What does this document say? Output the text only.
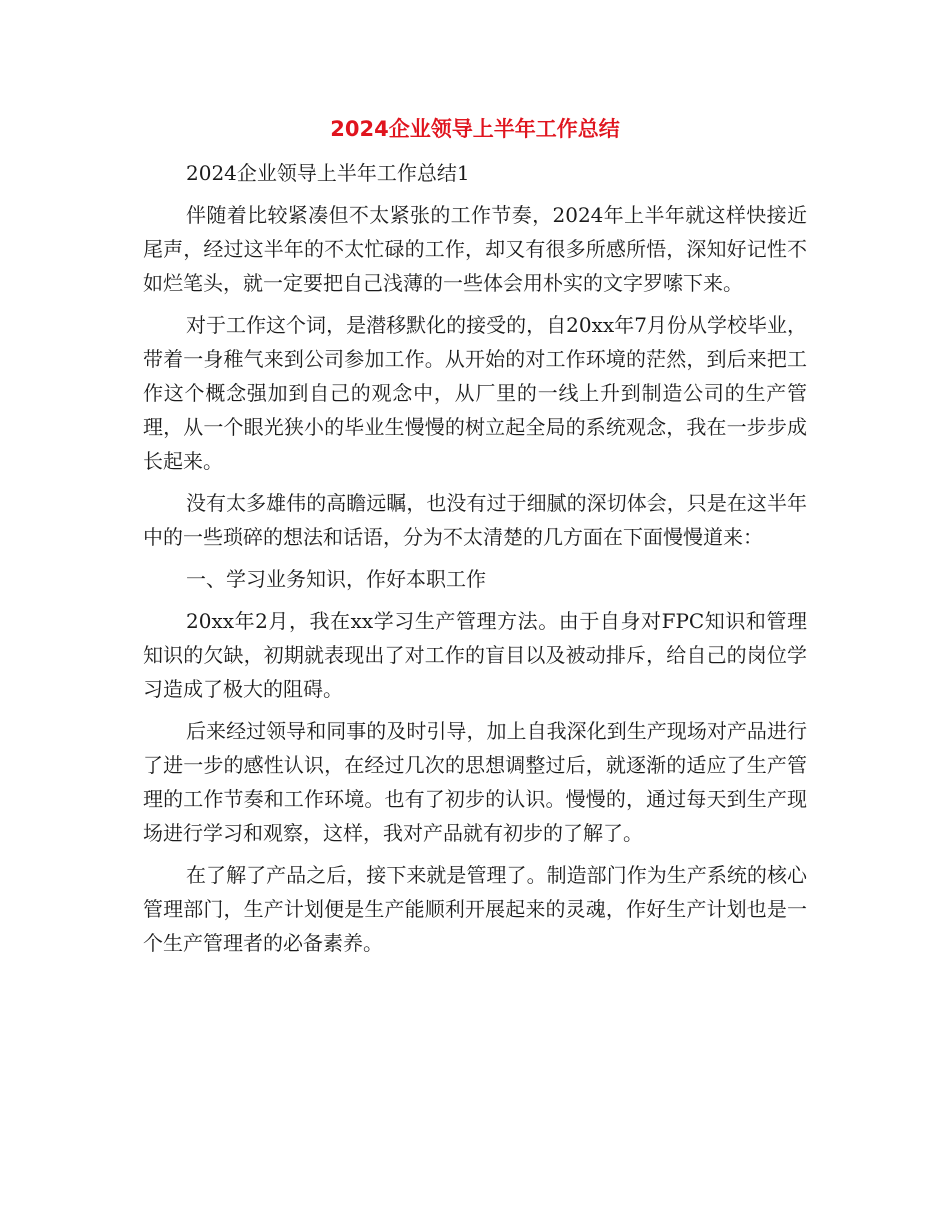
2024企业领导上半年工作总结

2024企业领导上半年工作总结1

伴随着比较紧凑但不太紧张的工作节奏，2024年上半年就这样快接近尾声，经过这半年的不太忙碌的工作，却又有很多所感所悟，深知好记性不如烂笔头，就一定要把自己浅薄的一些体会用朴实的文字罗嗦下来。

对于工作这个词，是潜移默化的接受的，自20xx年7月份从学校毕业，带着一身稚气来到公司参加工作。从开始的对工作环境的茫然，到后来把工作这个概念强加到自己的观念中，从厂里的一线上升到制造公司的生产管理，从一个眼光狭小的毕业生慢慢的树立起全局的系统观念，我在一步步成长起来。

没有太多雄伟的高瞻远瞩，也没有过于细腻的深切体会，只是在这半年中的一些琐碎的想法和话语，分为不太清楚的几方面在下面慢慢道来：

一、学习业务知识，作好本职工作

20xx年2月，我在xx学习生产管理方法。由于自身对FPC知识和管理知识的欠缺，初期就表现出了对工作的盲目以及被动排斥，给自己的岗位学习造成了极大的阻碍。

后来经过领导和同事的及时引导，加上自我深化到生产现场对产品进行了进一步的感性认识，在经过几次的思想调整过后，就逐渐的适应了生产管理的工作节奏和工作环境。也有了初步的认识。慢慢的，通过每天到生产现场进行学习和观察，这样，我对产品就有初步的了解了。

在了解了产品之后，接下来就是管理了。制造部门作为生产系统的核心管理部门，生产计划便是生产能顺利开展起来的灵魂，作好生产计划也是一个生产管理者的必备素养。
